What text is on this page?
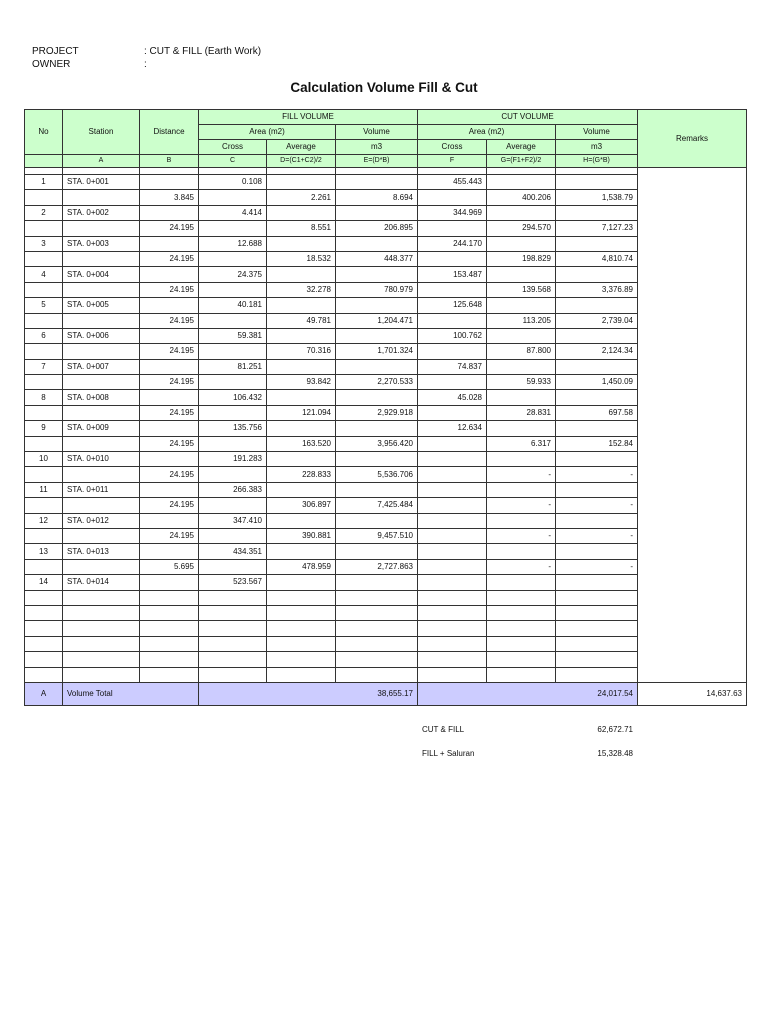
PROJECT	: CUT & FILL (Earth Work)
OWNER	:
Calculation Volume Fill & Cut
No	Station	Distance	FILL VOLUME			CUT VOLUME			Remarks
			Area (m2)		Volume	Area (m2)		Volume	
			Cross	Average	m3	Cross	Average	m3	
	A	B	C	D=(C1+C2)/2	E=(D*B)	F	G=(F1+F2)/2	H=(G*B)	

1	STA. 0+001		0.108			455.443			
		3.845		2.261	8.694		400.206	1,538.79	
2	STA. 0+002		4.414			344.969			
		24.195		8.551	206.895		294.570	7,127.23	
3	STA. 0+003		12.688			244.170			
		24.195		18.532	448.377		198.829	4,810.74	
4	STA. 0+004		24.375			153.487			
		24.195		32.278	780.979		139.568	3,376.89	
5	STA. 0+005		40.181			125.648			
		24.195		49.781	1,204.471		113.205	2,739.04	
6	STA. 0+006		59.381			100.762			
		24.195		70.316	1,701.324		87.800	2,124.34	
7	STA. 0+007		81.251			74.837			
		24.195		93.842	2,270.533		59.933	1,450.09	
8	STA. 0+008		106.432			45.028			
		24.195		121.094	2,929.918		28.831	697.58	
9	STA. 0+009		135.756			12.634			
		24.195		163.520	3,956.420		6.317	152.84	
10	STA. 0+010		191.283						
		24.195		228.833	5,536.706		-	-	
11	STA. 0+011		266.383						
		24.195		306.897	7,425.484		-	-	
12	STA. 0+012		347.410						
		24.195		390.881	9,457.510		-	-	
13	STA. 0+013		434.351						
		5.695		478.959	2,727.863		-	-	
14	STA. 0+014		523.567						

A	Volume Total		38,655.17			24,017.54			14,637.63
CUT & FILL	62,672.71
FILL + Saluran	15,328.48
